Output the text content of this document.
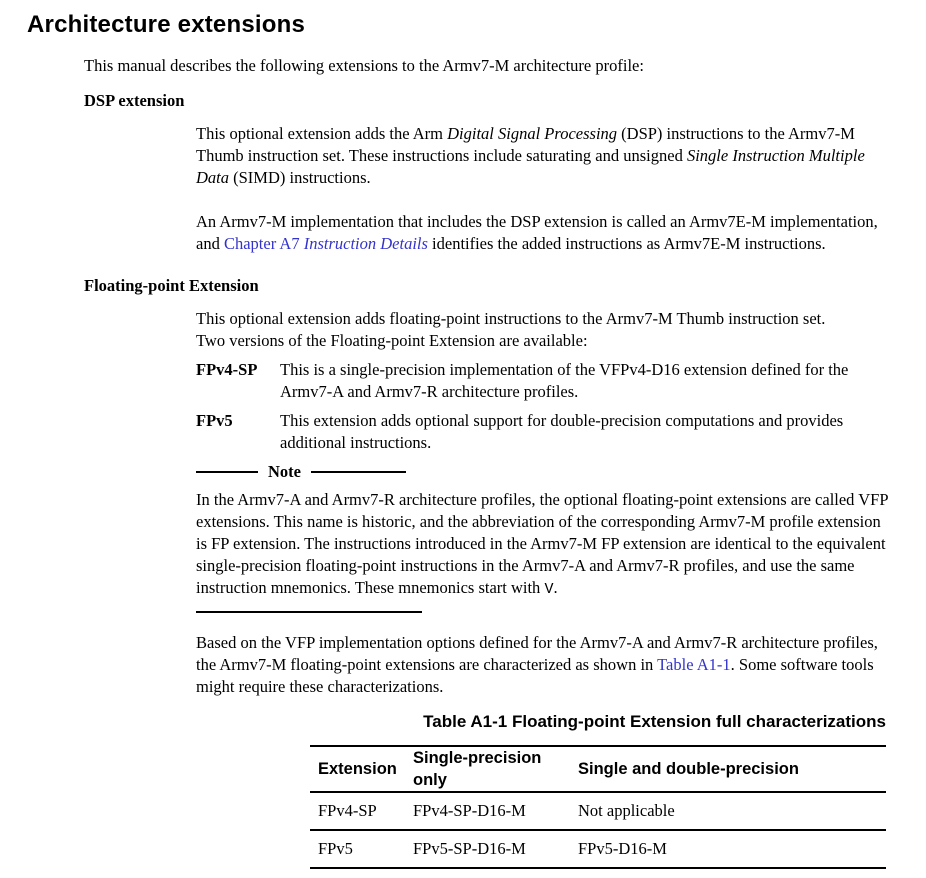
Architecture extensions
This manual describes the following extensions to the Armv7-M architecture profile:
DSP extension
This optional extension adds the Arm Digital Signal Processing (DSP) instructions to the Armv7-M Thumb instruction set. These instructions include saturating and unsigned Single Instruction Multiple Data (SIMD) instructions.
An Armv7-M implementation that includes the DSP extension is called an Armv7E-M implementation, and Chapter A7 Instruction Details identifies the added instructions as Armv7E-M instructions.
Floating-point Extension
This optional extension adds floating-point instructions to the Armv7-M Thumb instruction set.
Two versions of the Floating-point Extension are available:
FPv4-SP This is a single-precision implementation of the VFPv4-D16 extension defined for the Armv7-A and Armv7-R architecture profiles.
FPv5	This extension adds optional support for double-precision computations and provides additional instructions.
Note
In the Armv7-A and Armv7-R architecture profiles, the optional floating-point extensions are called VFP extensions. This name is historic, and the abbreviation of the corresponding Armv7-M profile extension is FP extension. The instructions introduced in the Armv7-M FP extension are identical to the equivalent single-precision floating-point instructions in the Armv7-A and Armv7-R profiles, and use the same instruction mnemonics. These mnemonics start with V.
Based on the VFP implementation options defined for the Armv7-A and Armv7-R architecture profiles, the Armv7-M floating-point extensions are characterized as shown in Table A1-1. Some software tools might require these characterizations.
Table A1-1 Floating-point Extension full characterizations
Extension	Single-precision only	Single and double-precision
FPv4-SP	FPv4-SP-D16-M	Not applicable
FPv5	FPv5-SP-D16-M	FPv5-D16-M
